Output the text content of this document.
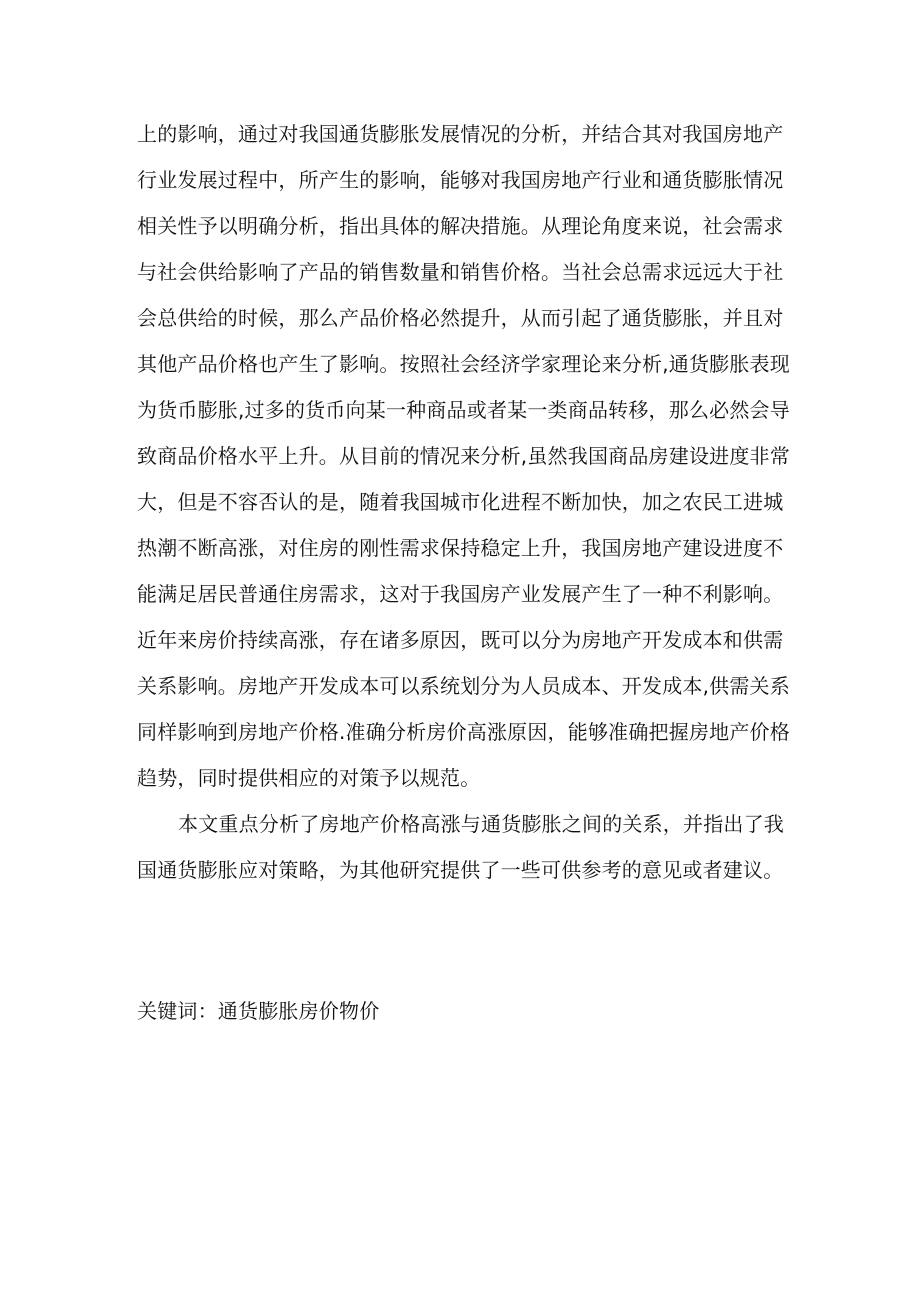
上的影响，通过对我国通货膨胀发展情况的分析，并结合其对我国房地产
行业发展过程中，所产生的影响，能够对我国房地产行业和通货膨胀情况
相关性予以明确分析，指出具体的解决措施。从理论角度来说，社会需求
与社会供给影响了产品的销售数量和销售价格。当社会总需求远远大于社
会总供给的时候，那么产品价格必然提升，从而引起了通货膨胀，并且对
其他产品价格也产生了影响。按照社会经济学家理论来分析,通货膨胀表现
为货币膨胀,过多的货币向某一种商品或者某一类商品转移，那么必然会导
致商品价格水平上升。从目前的情况来分析,虽然我国商品房建设进度非常
大，但是不容否认的是，随着我国城市化进程不断加快，加之农民工进城
热潮不断高涨，对住房的刚性需求保持稳定上升，我国房地产建设进度不
能满足居民普通住房需求，这对于我国房产业发展产生了一种不利影响。
近年来房价持续高涨，存在诸多原因，既可以分为房地产开发成本和供需
关系影响。房地产开发成本可以系统划分为人员成本、开发成本,供需关系
同样影响到房地产价格.准确分析房价高涨原因，能够准确把握房地产价格
趋势，同时提供相应的对策予以规范。
本文重点分析了房地产价格高涨与通货膨胀之间的关系，并指出了我
国通货膨胀应对策略，为其他研究提供了一些可供参考的意见或者建议。
关键词：通货膨胀房价物价
